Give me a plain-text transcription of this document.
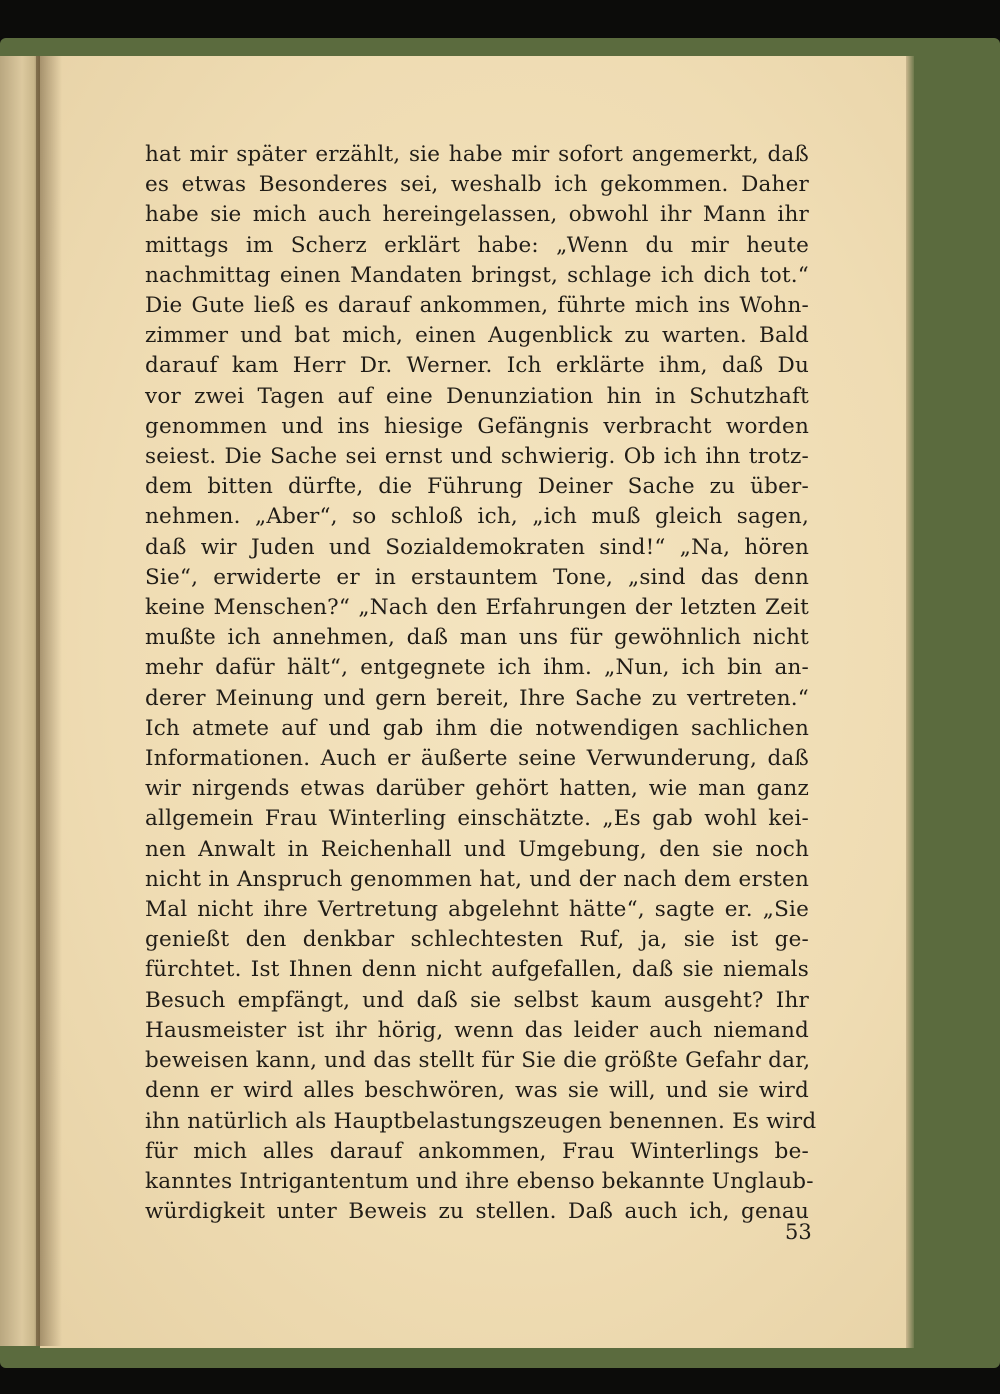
hat mir später erzählt, sie habe mir sofort angemerkt, daß
es etwas Besonderes sei, weshalb ich gekommen. Daher
habe sie mich auch hereingelassen, obwohl ihr Mann ihr
mittags im Scherz erklärt habe: „Wenn du mir heute
nachmittag einen Mandaten bringst, schlage ich dich tot.“
Die Gute ließ es darauf ankommen, führte mich ins Wohn-
zimmer und bat mich, einen Augenblick zu warten. Bald
darauf kam Herr Dr. Werner. Ich erklärte ihm, daß Du
vor zwei Tagen auf eine Denunziation hin in Schutzhaft
genommen und ins hiesige Gefängnis verbracht worden
seiest. Die Sache sei ernst und schwierig. Ob ich ihn trotz-
dem bitten dürfte, die Führung Deiner Sache zu über-
nehmen. „Aber“, so schloß ich, „ich muß gleich sagen,
daß wir Juden und Sozialdemokraten sind!“ „Na, hören
Sie“, erwiderte er in erstauntem Tone, „sind das denn
keine Menschen?“ „Nach den Erfahrungen der letzten Zeit
mußte ich annehmen, daß man uns für gewöhnlich nicht
mehr dafür hält“, entgegnete ich ihm. „Nun, ich bin an-
derer Meinung und gern bereit, Ihre Sache zu vertreten.“
Ich atmete auf und gab ihm die notwendigen sachlichen
Informationen. Auch er äußerte seine Verwunderung, daß
wir nirgends etwas darüber gehört hatten, wie man ganz
allgemein Frau Winterling einschätzte. „Es gab wohl kei-
nen Anwalt in Reichenhall und Umgebung, den sie noch
nicht in Anspruch genommen hat, und der nach dem ersten
Mal nicht ihre Vertretung abgelehnt hätte“, sagte er. „Sie
genießt den denkbar schlechtesten Ruf, ja, sie ist ge-
fürchtet. Ist Ihnen denn nicht aufgefallen, daß sie niemals
Besuch empfängt, und daß sie selbst kaum ausgeht? Ihr
Hausmeister ist ihr hörig, wenn das leider auch niemand
beweisen kann, und das stellt für Sie die größte Gefahr dar,
denn er wird alles beschwören, was sie will, und sie wird
ihn natürlich als Hauptbelastungszeugen benennen. Es wird
für mich alles darauf ankommen, Frau Winterlings be-
kanntes Intrigantentum und ihre ebenso bekannte Unglaub-
würdigkeit unter Beweis zu stellen. Daß auch ich, genau
53
